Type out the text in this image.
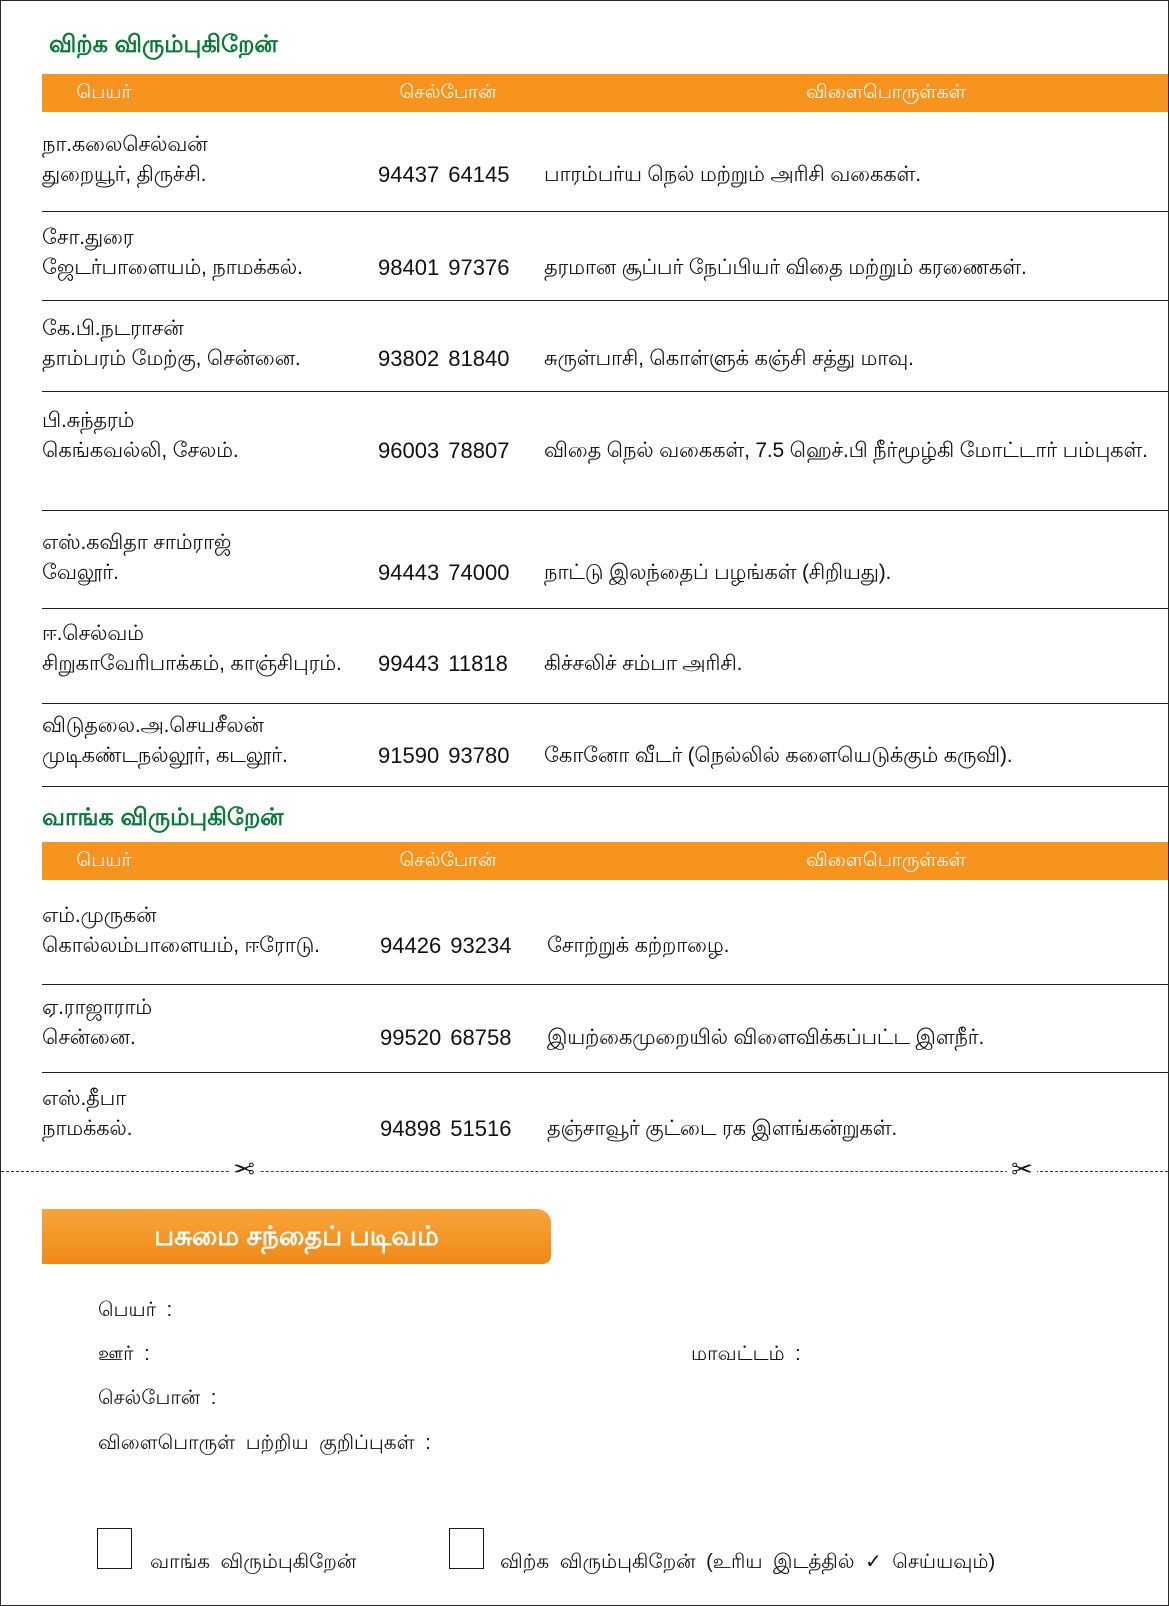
விற்க விரும்புகிறேன்
பெயர்	செல்போன்	விளைபொருள்கள்
நா.கலைசெல்வன்
துறையூர், திருச்சி.	94437 64145 பாரம்பர்ய நெல் மற்றும் அரிசி வகைகள்.
சோ.துரை
ஜேடர்பாளையம், நாமக்கல்.	98401 97376 தரமான சூப்பர் நேப்பியர் விதை மற்றும் கரணைகள்.
கே.பி.நடராசன்
தாம்பரம் மேற்கு, சென்னை.	93802 81840 சுருள்பாசி, கொள்ளுக் கஞ்சி சத்து மாவு.
பி.சுந்தரம்
கெங்கவல்லி, சேலம்.	96003 78807 விதை நெல் வகைகள், 7.5 ஹெச்.பி நீர்மூழ்கி மோட்டார் பம்புகள்.
எஸ்.கவிதா சாம்ராஜ்
வேலூர்.	94443 74000 நாட்டு இலந்தைப் பழங்கள் (சிறியது).
ஈ.செல்வம்
சிறுகாவேரிபாக்கம், காஞ்சிபுரம். 99443 11818 கிச்சலிச் சம்பா அரிசி.
விடுதலை.அ.செயசீலன்
முடிகண்டநல்லூர், கடலூர்.	91590 93780 கோனோ வீடர் (நெல்லில் களையெடுக்கும் கருவி).
வாங்க விரும்புகிறேன்
பெயர்	செல்போன்	விளைபொருள்கள்
எம்.முருகன்
கொல்லம்பாளையம், ஈரோடு.	94426 93234 சோற்றுக் கற்றாழை.
ஏ.ராஜாராம்
சென்னை.	99520 68758 இயற்கைமுறையில் விளைவிக்கப்பட்ட இளநீர்.
எஸ்.தீபா
நாமக்கல்.	94898 51516 தஞ்சாவூர் குட்டை ரக இளங்கன்றுகள்.
✂	✂
பசுமை சந்தைப் படிவம்
பெயர் :
ஊர் :	மாவட்டம் :
செல்போன் :
விளைபொருள் பற்றிய குறிப்புகள் :
வாங்க விரும்புகிறேன்	விற்க விரும்புகிறேன் (உரிய இடத்தில் ✓ செய்யவும்)
